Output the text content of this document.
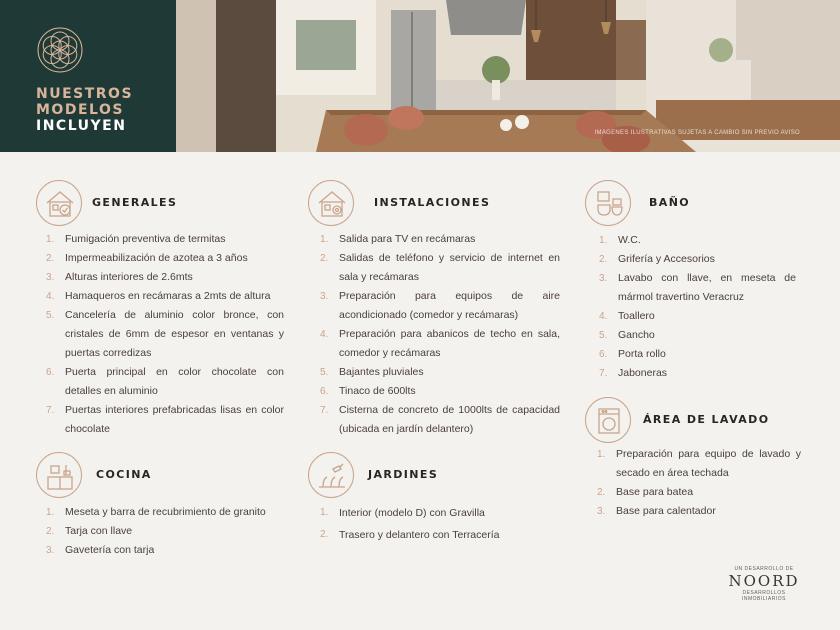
NUESTROS
MODELOS
INCLUYEN	IMÁGENES ILUSTRATIVAS SUJETAS A CAMBIO SIN PREVIO AVISO
GENERALES
1. Fumigación preventiva de termitas
2. Impermeabilización de azotea a 3 años
3. Alturas interiores de 2.6mts
4. Hamaqueros en recámaras a 2mts de altura
5. Cancelería de aluminio color bronce, con cristales de 6mm de espesor en ventanas y puertas corredizas
6. Puerta principal en color chocolate con detalles en aluminio
7. Puertas interiores prefabricadas lisas en color chocolate
COCINA
1. Meseta y barra de recubrimiento de granito
2. Tarja con llave
3. Gavetería con tarja
INSTALACIONES
1. Salida para TV en recámaras
2. Salidas de teléfono y servicio de internet en sala y recámaras
3. Preparación para equipos de aire acondicionado (comedor y recámaras)
4. Preparación para abanicos de techo en sala, comedor y recámaras
5. Bajantes pluviales
6. Tinaco de 600lts
7. Cisterna de concreto de 1000lts de capacidad (ubicada en jardín delantero)
JARDINES
1. Interior (modelo D) con Gravilla
2. Trasero y delantero con Terracería
BAÑO
1. W.C.
2. Grifería y Accesorios
3. Lavabo con llave, en meseta de mármol travertino Veracruz
4. Toallero
5. Gancho
6. Porta rollo
7. Jaboneras
ÁREA DE LAVADO
1. Preparación para equipo de lavado y secado en área techada
2. Base para batea
3. Base para calentador
UN DESARROLLO DE
NOORD
DESARROLLOS INMOBILIARIOS
